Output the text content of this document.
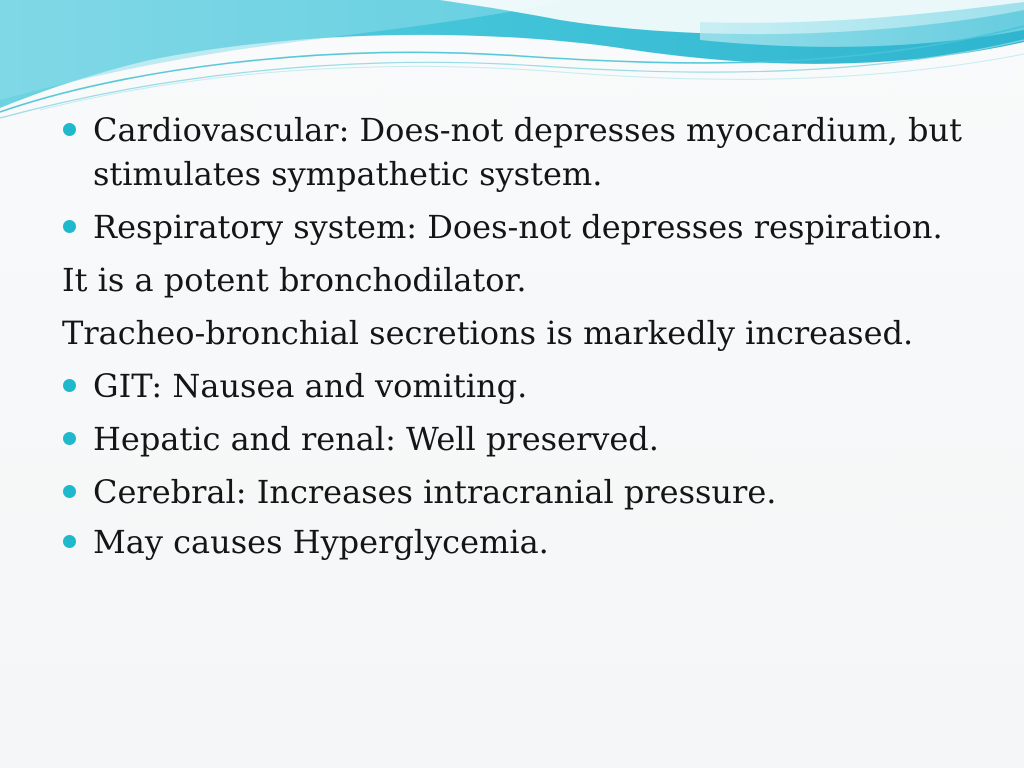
Cardiovascular: Does-not depresses myocardium, but stimulates sympathetic system.
Respiratory system: Does-not depresses respiration.
It is a potent bronchodilator.
Tracheo-bronchial secretions is markedly increased.
GIT: Nausea and vomiting.
Hepatic and renal: Well preserved.
Cerebral: Increases intracranial pressure.
May causes Hyperglycemia.
